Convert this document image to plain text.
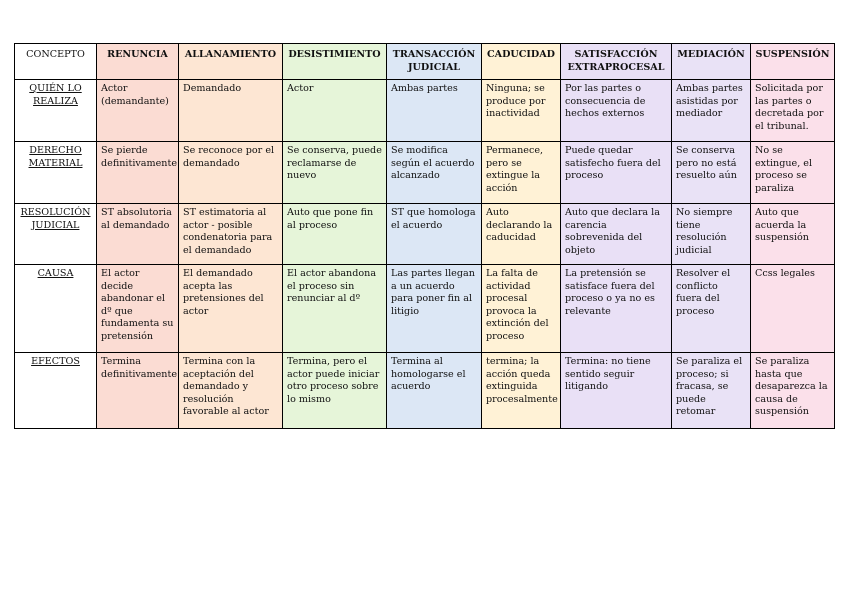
CONCEPTO	RENUNCIA	ALLANAMIENTO	DESISTIMIENTO	TRANSACCIÓN JUDICIAL	CADUCIDAD	SATISFACCIÓN EXTRAPROCESAL	MEDIACIÓN	SUSPENSIÓN
QUIÉN LO REALIZA	Actor (demandante)	Demandado	Actor	Ambas partes	Ninguna; se produce por inactividad	Por las partes o consecuencia de hechos externos	Ambas partes asistidas por mediador	Solicitada por las partes o decretada por el tribunal.
DERECHO MATERIAL	Se pierde definitivamente	Se reconoce por el demandado	Se conserva, puede reclamarse de nuevo	Se modifica según el acuerdo alcanzado	Permanece, pero se extingue la acción	Puede quedar satisfecho fuera del proceso	Se conserva pero no está resuelto aún	No se extingue, el proceso se paraliza
RESOLUCIÓN JUDICIAL	ST absolutoria al demandado	ST estimatoria al actor - posible condenatoria para el demandado	Auto que pone fin al proceso	ST que homologa el acuerdo	Auto declarando la caducidad	Auto que declara la carencia sobrevenida del objeto	No siempre tiene resolución judicial	Auto que acuerda la suspensión
CAUSA	El actor decide abandonar el dº que fundamenta su pretensión	El demandado acepta las pretensiones del actor	El actor abandona el proceso sin renunciar al dº	Las partes llegan a un acuerdo para poner fin al litigio	La falta de actividad procesal provoca la extinción del proceso	La pretensión se satisface fuera del proceso o ya no es relevante	Resolver el conflicto fuera del proceso	Ccss legales
EFECTOS	Termina definitivamente	Termina con la aceptación del demandado y resolución favorable al actor	Termina, pero el actor puede iniciar otro proceso sobre lo mismo	Termina al homologarse el acuerdo	termina; la acción queda extinguida procesalmente	Termina: no tiene sentido seguir litigando	Se paraliza el proceso; si fracasa, se puede retomar	Se paraliza hasta que desaparezca la causa de suspensión
